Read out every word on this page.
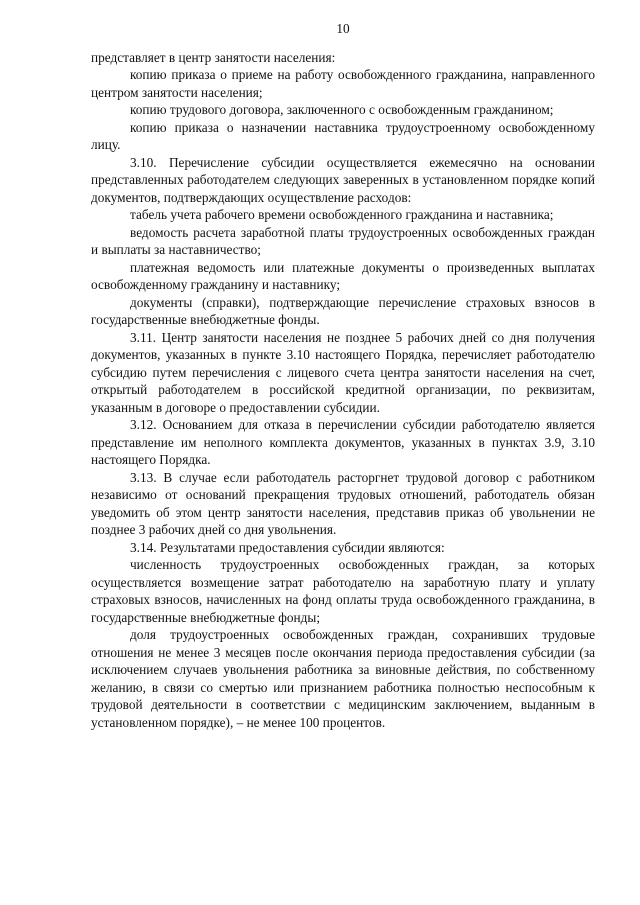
10

представляет в центр занятости населения:

копию приказа о приеме на работу освобожденного гражданина, направленного центром занятости населения;

копию трудового договора, заключенного с освобожденным гражданином;

копию приказа о назначении наставника трудоустроенному освобожденному лицу.

3.10. Перечисление субсидии осуществляется ежемесячно на основании представленных работодателем следующих заверенных в установленном порядке копий документов, подтверждающих осуществление расходов:

табель учета рабочего времени освобожденного гражданина и наставника;

ведомость расчета заработной платы трудоустроенных освобожденных граждан и выплаты за наставничество;

платежная ведомость или платежные документы о произведенных выплатах освобожденному гражданину и наставнику;

документы (справки), подтверждающие перечисление страховых взносов в государственные внебюджетные фонды.

3.11. Центр занятости населения не позднее 5 рабочих дней со дня получения документов, указанных в пункте 3.10 настоящего Порядка, перечисляет работодателю субсидию путем перечисления с лицевого счета центра занятости населения на счет, открытый работодателем в российской кредитной организации, по реквизитам, указанным в договоре о предоставлении субсидии.

3.12. Основанием для отказа в перечислении субсидии работодателю является представление им неполного комплекта документов, указанных в пунктах 3.9, 3.10 настоящего Порядка.

3.13. В случае если работодатель расторгнет трудовой договор с работником независимо от оснований прекращения трудовых отношений, работодатель обязан уведомить об этом центр занятости населения, представив приказ об увольнении не позднее 3 рабочих дней со дня увольнения.

3.14. Результатами предоставления субсидии являются:

численность трудоустроенных освобожденных граждан, за которых осуществляется возмещение затрат работодателю на заработную плату и уплату страховых взносов, начисленных на фонд оплаты труда освобожденного гражданина, в государственные внебюджетные фонды;

доля трудоустроенных освобожденных граждан, сохранивших трудовые отношения не менее 3 месяцев после окончания периода предоставления субсидии (за исключением случаев увольнения работника за виновные действия, по собственному желанию, в связи со смертью или признанием работника полностью неспособным к трудовой деятельности в соответствии с медицинским заключением, выданным в установленном порядке), – не менее 100 процентов.
